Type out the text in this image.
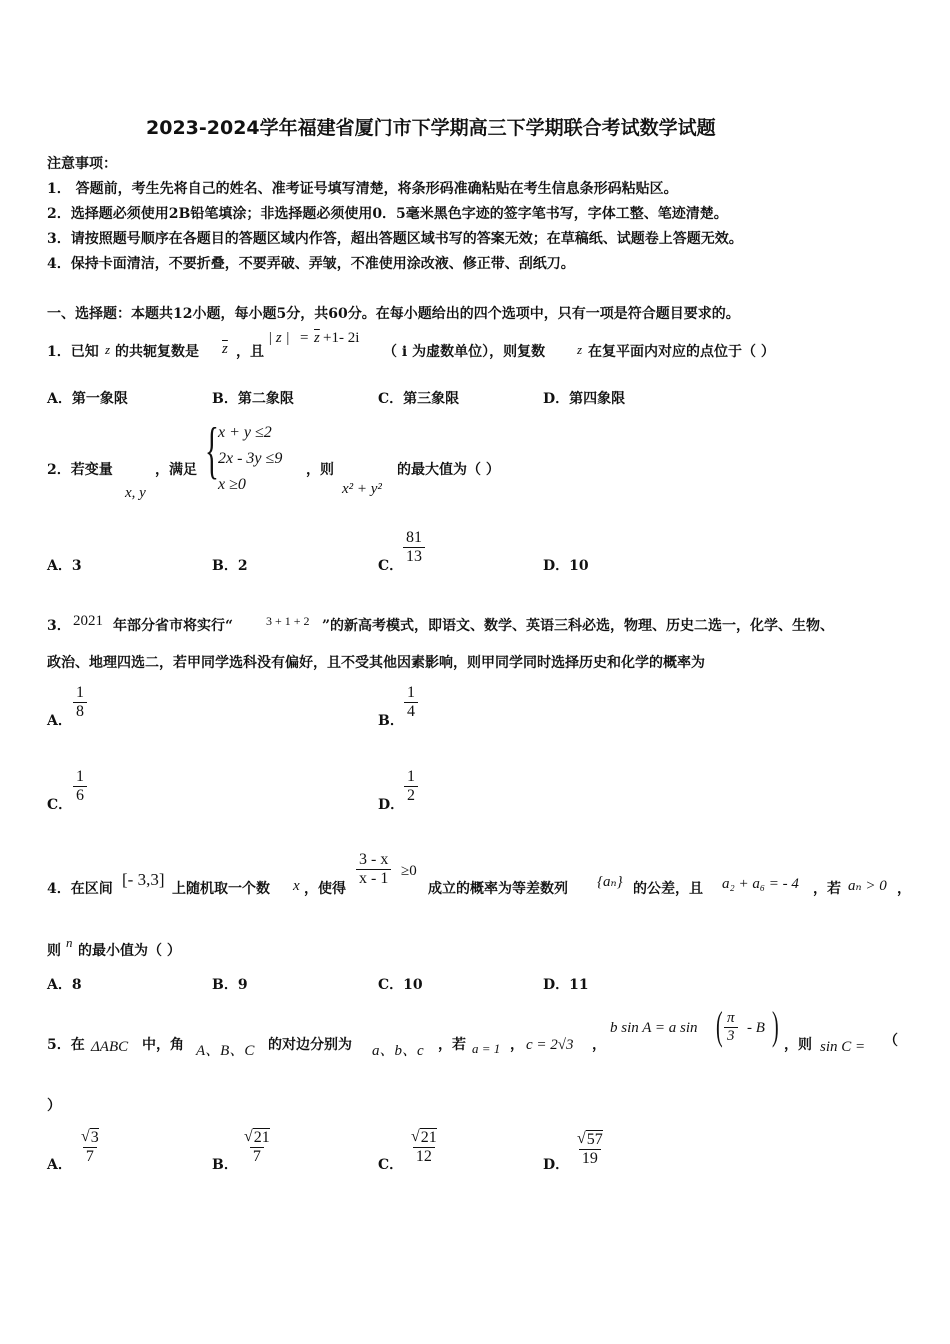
2023-2024学年福建省厦门市下学期高三下学期联合考试数学试题
注意事项：
1． 答题前，考生先将自己的姓名、准考证号填写清楚，将条形码准确粘贴在考生信息条形码粘贴区。
2．选择题必须使用2B铅笔填涂；非选择题必须使用0．5毫米黑色字迹的签字笔书写，字体工整、笔迹清楚。
3．请按照题号顺序在各题目的答题区域内作答，超出答题区域书写的答案无效；在草稿纸、试题卷上答题无效。
4．保持卡面清洁，不要折叠，不要弄破、弄皱，不准使用涂改液、修正带、刮纸刀。
一、选择题：本题共12小题，每小题5分，共60分。在每小题给出的四个选项中，只有一项是符合题目要求的。
1．已知 z 的共轭复数是 $\overline{z}$ ，且
| z | = $\overline{z} +1-$ 2i
（ i 为虚数单位），则复数 z 在复平面内对应的点位于（ ）
A．第一象限	B．第二象限	C．第三象限	D．第四象限
2．若变量
x, y
，满足 { x + y ≤2
2x - 3y ≤9
x ≥0
，则
x² + y²
的最大值为（ ）
A．3	B．2	C． $\frac{81}{13}$	D．10
3． 2021 年部分省市将实行“	3 + 1 + 2 ”的新高考模式，即语文、数学、英语三科必选，物理、历史二选一，化学、生物、
政治、地理四选二，若甲同学选科没有偏好，且不受其他因素影响，则甲同学同时选择历史和化学的概率为
A． $\frac{1}{8}$	B． $\frac{1}{4}$
C． $\frac{1}{6}$	D． $\frac{1}{2}$
4．在区间 [- 3,3] 上随机取一个数 x ，使得
$\frac{3 - x}{x - 1} \ge 0$
成立的概率为等差数列 {aₙ} 的公差，且 a₂ + a₆ = - 4 ，若 aₙ > 0 ，
则
n
的最小值为（ ）
A．8	B．9	C．10	D．11
5．在 ΔABC 中，角 A、B、C 的对边分别为 a、b、c ，若 a = 1 ， c = 2√3 ，
b sin A = a sin ( $\frac{\pi}{3}$ - B ) ，则 sin C = （
）
A． $\frac{√ 3}{7}$	B． $\frac{√ 21}{7}$	C． $\frac{√ 21}{12}$	D． $\frac{√ 57}{19}$
